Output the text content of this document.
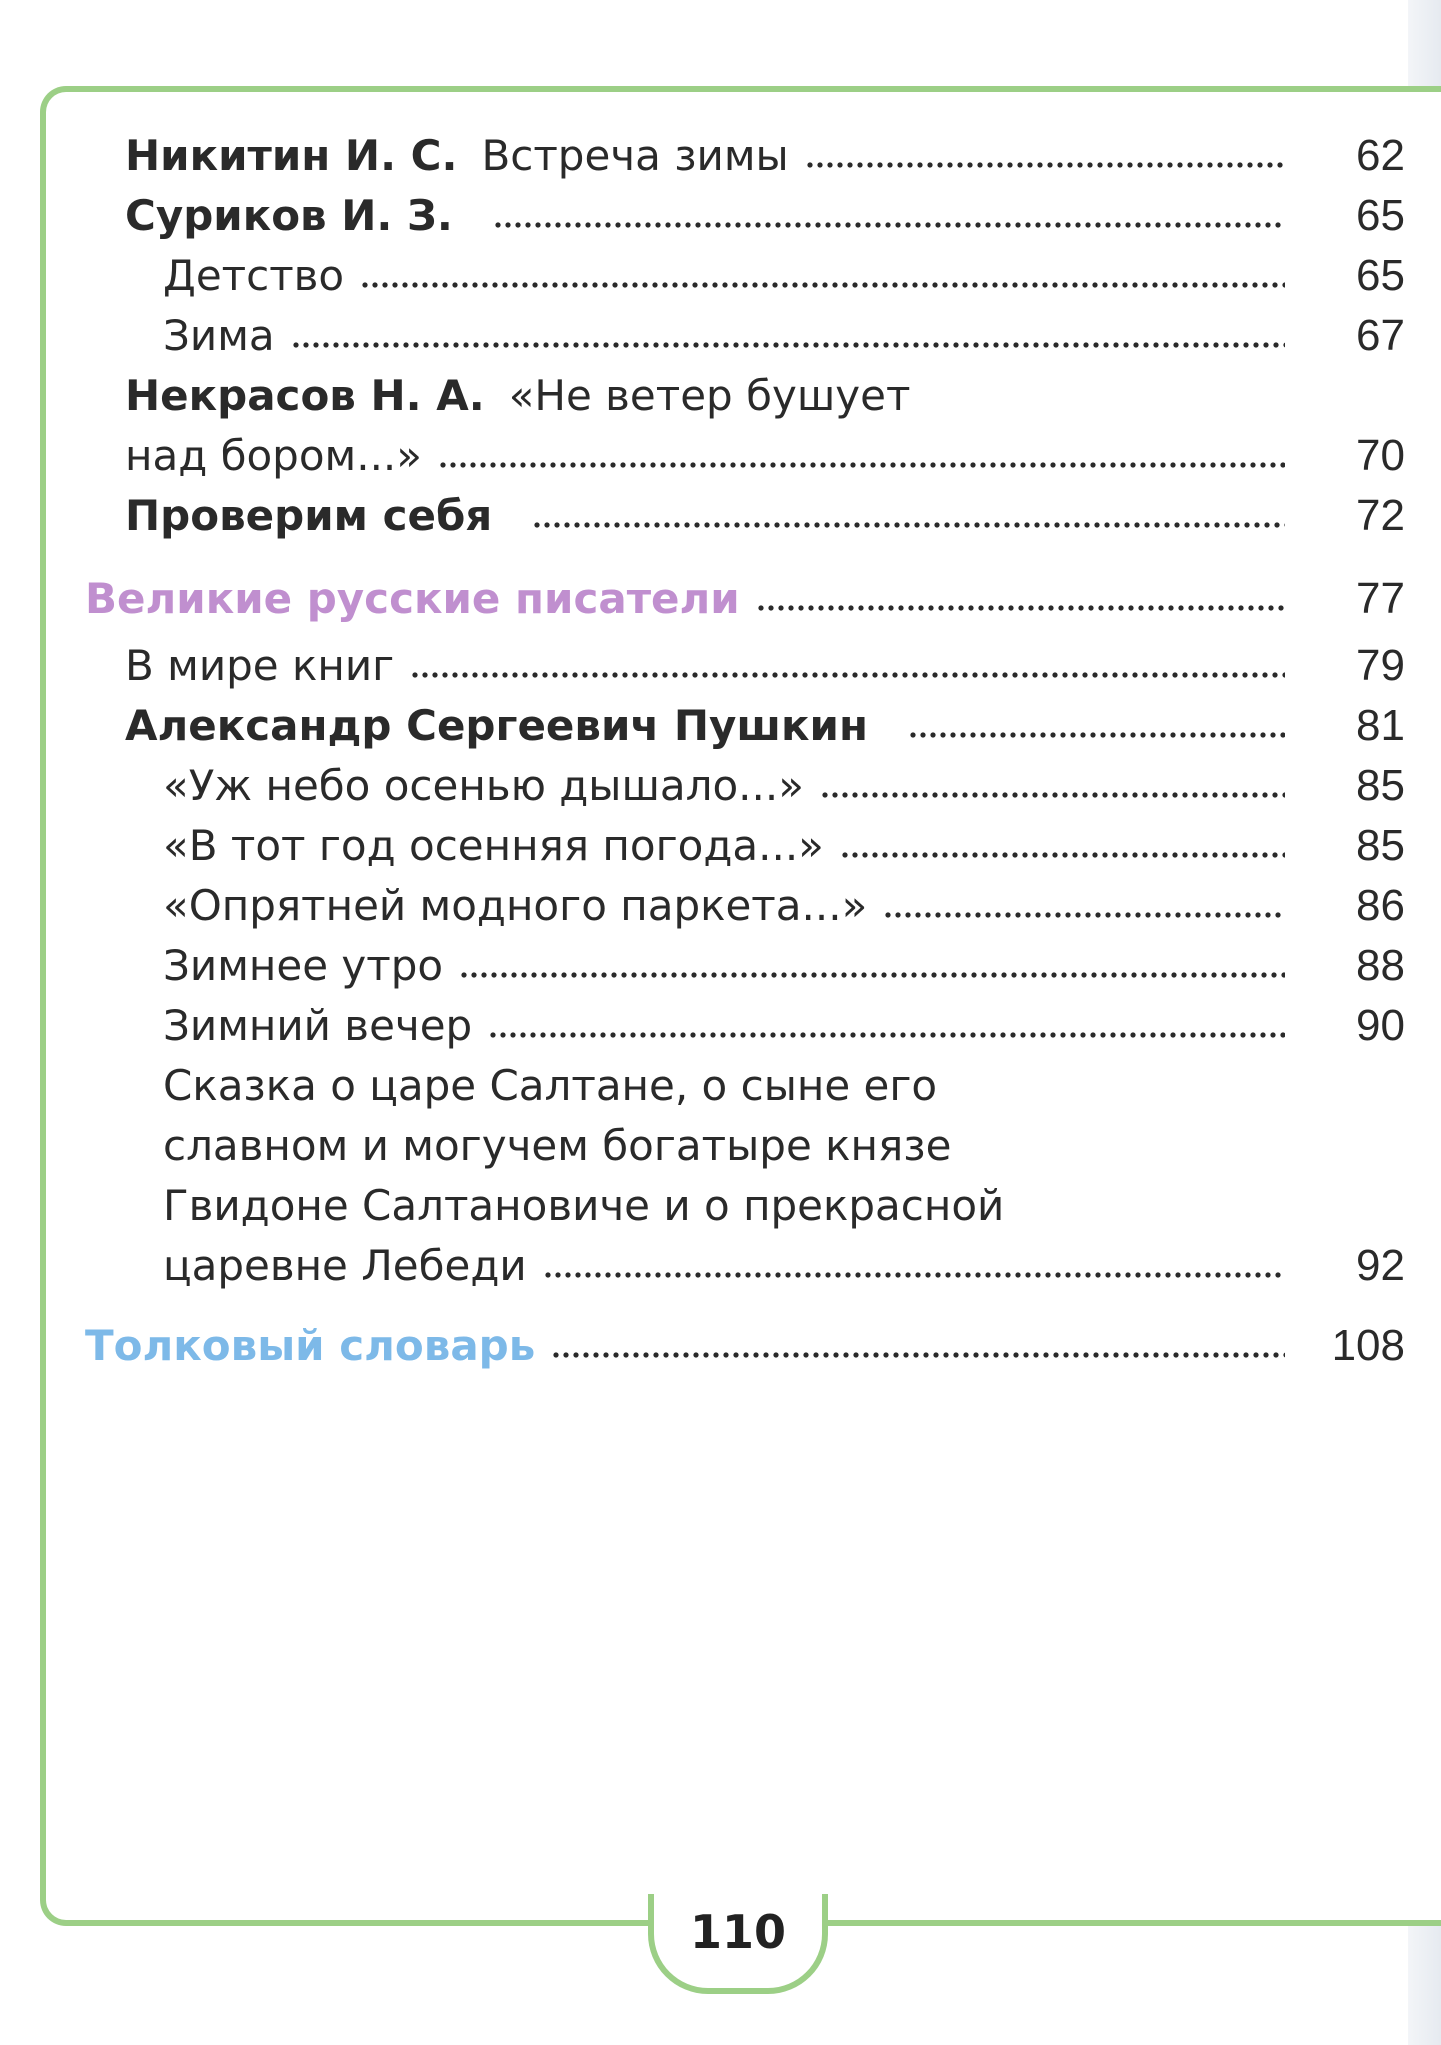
Никитин И. С. Встреча зимы	62
Суриков И. З.	65
Детство	65
Зима	67
Некрасов Н. А. «Не ветер бушует
над бором...»	70
Проверим себя	72
Великие русские писатели	77
В мире книг	79
Александр Сергеевич Пушкин	81
«Уж небо осенью дышало...»	85
«В тот год осенняя погода...»	85
«Опрятней модного паркета...»	86
Зимнее утро	88
Зимний вечер	90
Сказка о царе Салтане, о сыне его
славном и могучем богатыре князе
Гвидоне Салтановиче и о прекрасной
царевне Лебеди	92
Толковый словарь	108
110
